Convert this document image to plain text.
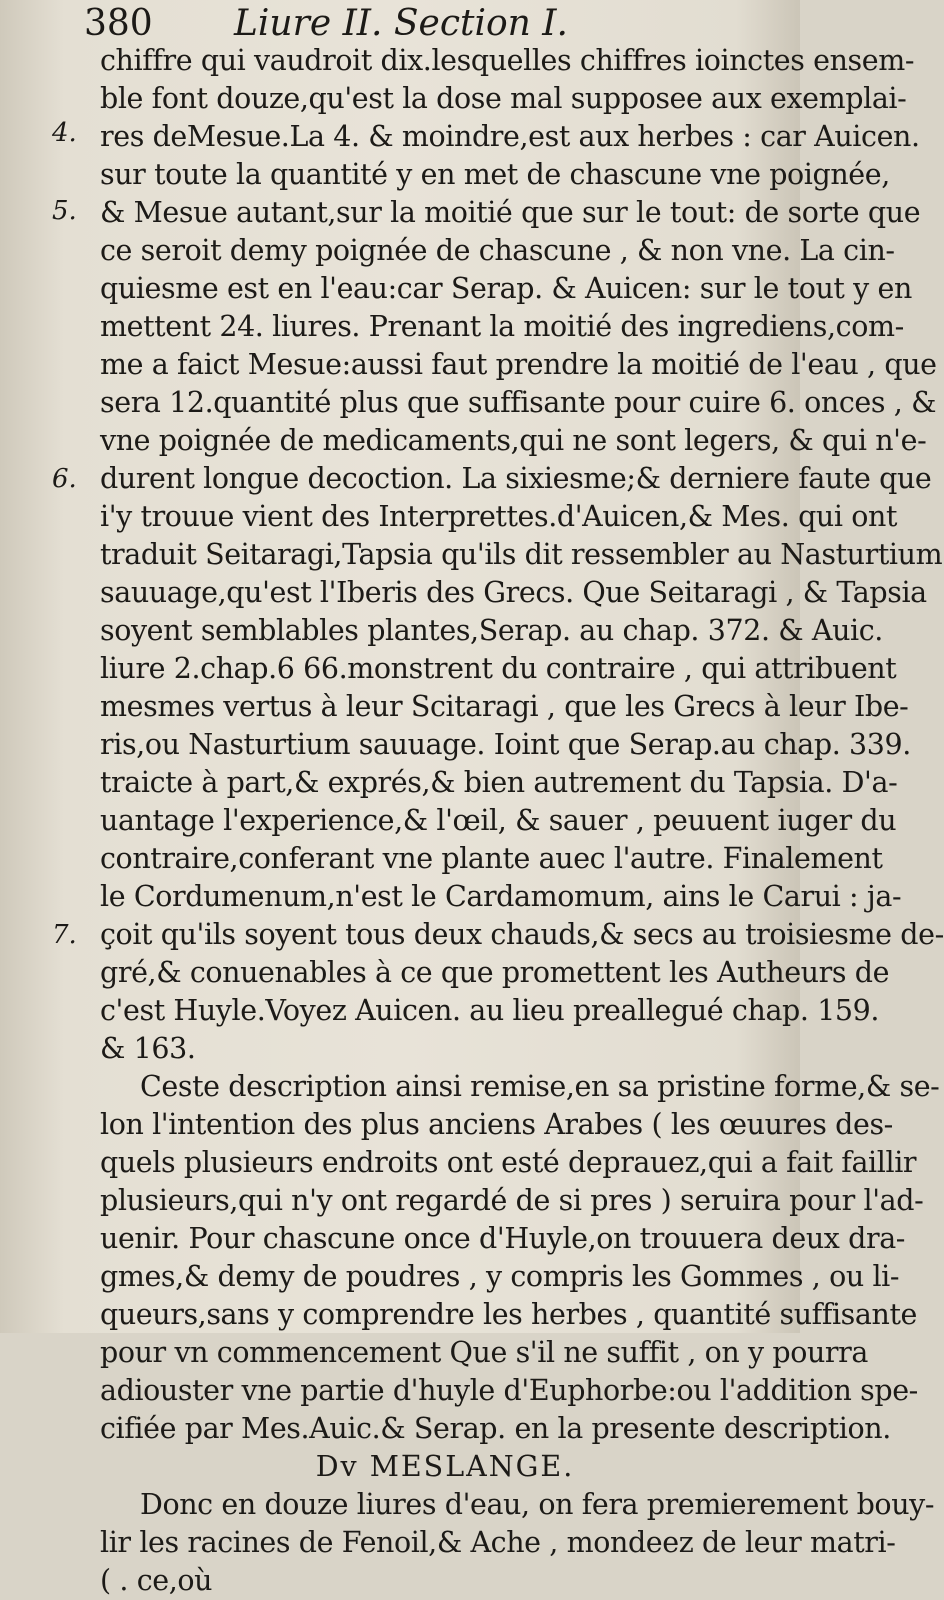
380 Liure II. Section I.
4.
5.
6.
7.
chiffre qui vaudroit dix.lesquelles chiffres ioinctes ensem-
ble font douze,qu'est la dose mal supposee aux exemplai-
res deMesue.La 4. & moindre,est aux herbes : car Auicen.
sur toute la quantité y en met de chascune vne poignée,
& Mesue autant,sur la moitié que sur le tout: de sorte que
ce seroit demy poignée de chascune , & non vne. La cin-
quiesme est en l'eau:car Serap. & Auicen: sur le tout y en
mettent 24. liures. Prenant la moitié des ingrediens,com-
me a faict Mesue:aussi faut prendre la moitié de l'eau , que
sera 12.quantité plus que suffisante pour cuire 6. onces , &
vne poignée de medicaments,qui ne sont legers, & qui n'e-
durent longue decoction. La sixiesme;& derniere faute que
i'y trouue vient des Interprettes.d'Auicen,& Mes. qui ont
traduit Seitaragi,Tapsia qu'ils dit ressembler au Nasturtium
sauuage,qu'est l'Iberis des Grecs. Que Seitaragi , & Tapsia
soyent semblables plantes,Serap. au chap. 372. & Auic.
liure 2.chap.6 66.monstrent du contraire , qui attribuent
mesmes vertus à leur Scitaragi , que les Grecs à leur Ibe-
ris,ou Nasturtium sauuage. Ioint que Serap.au chap. 339.
traicte à part,& exprés,& bien autrement du Tapsia. D'a-
uantage l'experience,& l'œil, & sauer , peuuent iuger du
contraire,conferant vne plante auec l'autre. Finalement
le Cordumenum,n'est le Cardamomum, ains le Carui : ja-
çoit qu'ils soyent tous deux chauds,& secs au troisiesme de-
gré,& conuenables à ce que promettent les Autheurs de
c'est Huyle.Voyez Auicen. au lieu preallegué chap. 159.
& 163.
Ceste description ainsi remise,en sa pristine forme,& se-
lon l'intention des plus anciens Arabes ( les œuures des-
quels plusieurs endroits ont esté deprauez,qui a fait faillir
plusieurs,qui n'y ont regardé de si pres ) seruira pour l'ad-
uenir. Pour chascune once d'Huyle,on trouuera deux dra-
gmes,& demy de poudres , y compris les Gommes , ou li-
queurs,sans y comprendre les herbes , quantité suffisante
pour vn commencement Que s'il ne suffit , on y pourra
adiouster vne partie d'huyle d'Euphorbe:ou l'addition spe-
cifiée par Mes.Auic.& Serap. en la presente description.
Dv MESLANGE.
Donc en douze liures d'eau, on fera premierement bouy-
lir les racines de Fenoil,& Ache , mondeez de leur matri-
( . ce,où
